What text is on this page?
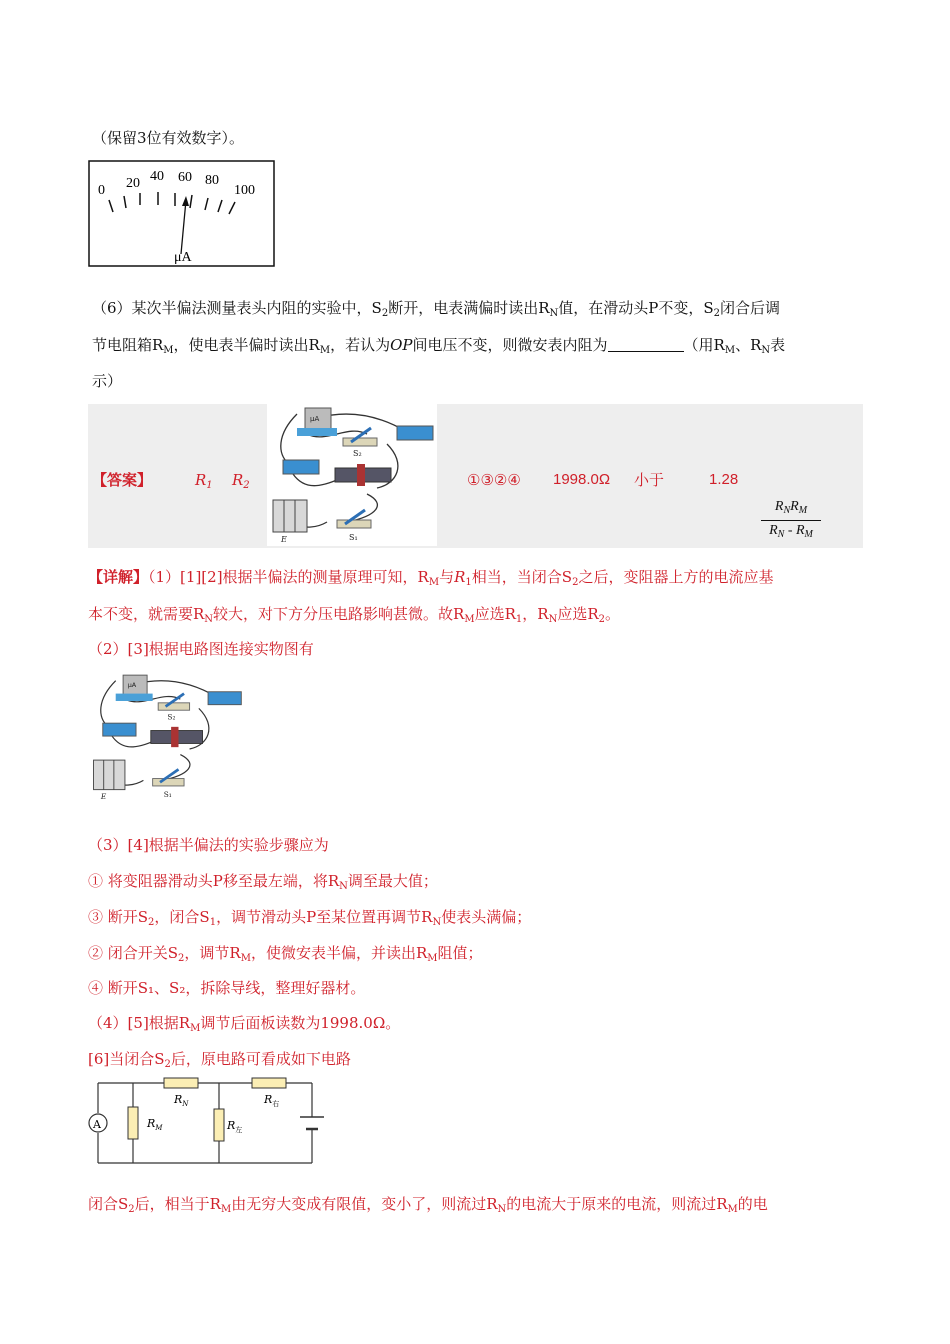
（保留3位有效数字）。
0 20 40 60 80
100
μA
（6）某次半偏法测量表头内阻的实验中，$S_2$断开，电表满偏时读出$R_N$值，在滑动头P不变，$S_2$闭合后调
节电阻箱$R_M$，使电表半偏时读出$R_M$，若认为OP间电压不变，则微安表内阻为	（用$R_M$、$R_N$表
示）
【答案】	$R_1$ $R_2$
μA
S₂
E	S₁
①③②④ 1998.0Ω 小于	1.28
$R_NR_M$
$R_N - R_M$
【详解】（1）[1][2]根据半偏法的测量原理可知，$R_M$与$R_1$相当，当闭合$S_2$之后，变阻器上方的电流应基
本不变，就需要$R_N$较大，对下方分压电路影响甚微。故$R_M$应选$R_1$，$R_N$应选$R_2$。
（2）[3]根据电路图连接实物图有
μA
S₂
E	S₁
（3）[4]根据半偏法的实验步骤应为
① 将变阻器滑动头P移至最左端，将$R_N$调至最大值；
③ 断开$S_2$，闭合$S_1$，调节滑动头P至某位置再调节$R_N$使表头满偏；
② 闭合开关$S_2$，调节$R_M$，使微安表半偏，并读出$R_M$阻值；
④ 断开S₁、S₂，拆除导线，整理好器材。
（4）[5]根据$R_M$调节后面板读数为1998.0Ω。
[6]当闭合$S_2$后，原电路可看成如下电路
A	$R_M$
$R_N$
$R_左$
$R_右$
闭合$S_2$后，相当于$R_M$由无穷大变成有限值，变小了，则流过$R_N$的电流大于原来的电流，则流过$R_M$的电
